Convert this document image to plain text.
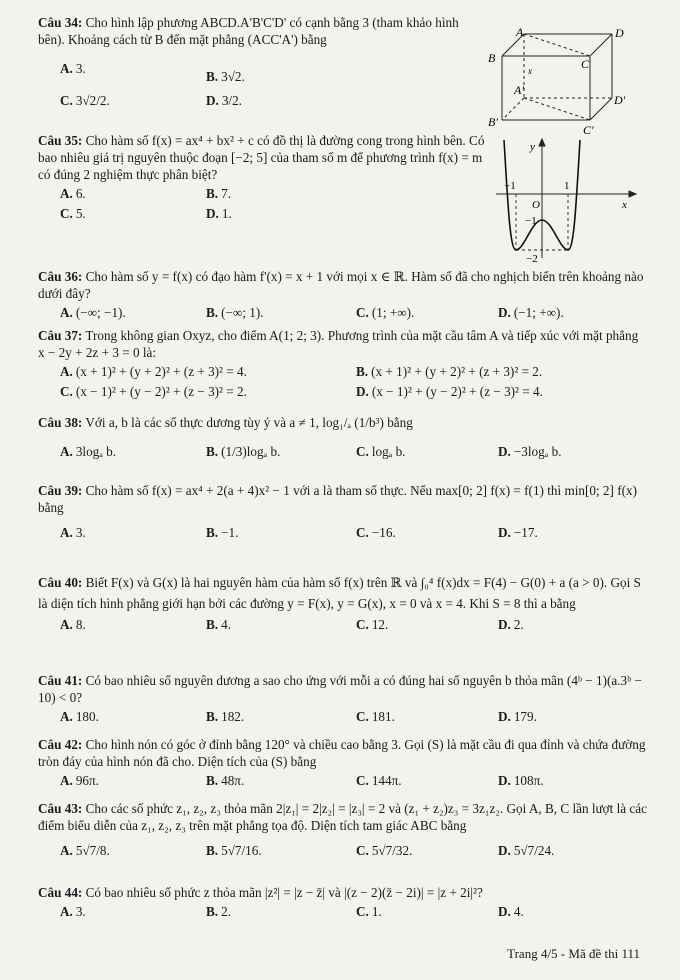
Câu 34: Cho hình lập phương ABCD.A'B'C'D' có cạnh bằng 3 (tham khảo hình bên). Khoảng cách từ B đến mặt phẳng (ACC'A') bằng
A. 3.
B. 3√2.
C. 3√2/2.	D. 3/2.
A	D
B	C
x
A'
D'
B'
C'
Câu 35: Cho hàm số f(x) = ax⁴ + bx² + c có đồ thị là đường cong trong hình bên. Có bao nhiêu giá trị nguyên thuộc đoạn [−2; 5] của tham số m để phương trình f(x) = m có đúng 2 nghiệm thực phân biệt?
A. 6.	B. 7.
C. 5.	D. 1.
y
x
O
−1	1
−1
−2
Câu 36: Cho hàm số y = f(x) có đạo hàm f'(x) = x + 1 với mọi x ∈ ℝ. Hàm số đã cho nghịch biến trên khoảng nào dưới đây?
A. (−∞; −1).	B. (−∞; 1).	C. (1; +∞).	D. (−1; +∞).
Câu 37: Trong không gian Oxyz, cho điểm A(1; 2; 3). Phương trình của mặt cầu tâm A và tiếp xúc với mặt phẳng x − 2y + 2z + 3 = 0 là:
A. (x + 1)² + (y + 2)² + (z + 3)² = 4.	B. (x + 1)² + (y + 2)² + (z + 3)² = 2.
C. (x − 1)² + (y − 2)² + (z − 3)² = 2.	D. (x − 1)² + (y − 2)² + (z − 3)² = 4.
Câu 38: Với a, b là các số thực dương tùy ý và a ≠ 1, log₁/ₐ (1/b³) bằng
A. 3logₐ b.	B. (1/3)logₐ b.	C. logₐ b.	D. −3logₐ b.
Câu 39: Cho hàm số f(x) = ax⁴ + 2(a + 4)x² − 1 với a là tham số thực. Nếu max[0; 2] f(x) = f(1) thì min[0; 2] f(x) bằng
A. 3.	B. −1.	C. −16.	D. −17.
Câu 40: Biết F(x) và G(x) là hai nguyên hàm của hàm số f(x) trên ℝ và ∫₀⁴ f(x)dx = F(4) − G(0) + a (a > 0). Gọi S là diện tích hình phẳng giới hạn bởi các đường y = F(x), y = G(x), x = 0 và x = 4. Khi S = 8 thì a bằng
A. 8.	B. 4.	C. 12.	D. 2.
Câu 41: Có bao nhiêu số nguyên dương a sao cho ứng với mỗi a có đúng hai số nguyên b thỏa mãn (4ᵇ − 1)(a.3ᵇ − 10) < 0?
A. 180.	B. 182.	C. 181.	D. 179.
Câu 42: Cho hình nón có góc ở đỉnh bằng 120° và chiều cao bằng 3. Gọi (S) là mặt cầu đi qua đỉnh và chứa đường tròn đáy của hình nón đã cho. Diện tích của (S) bằng
A. 96π.	B. 48π.	C. 144π.	D. 108π.
Câu 43: Cho các số phức z₁, z₂, z₃ thỏa mãn 2|z₁| = 2|z₂| = |z₃| = 2 và (z₁ + z₂)z₃ = 3z₁z₂. Gọi A, B, C lần lượt là các điểm biểu diễn của z₁, z₂, z₃ trên mặt phẳng tọa độ. Diện tích tam giác ABC bằng
A. 5√7/8.	B. 5√7/16.	C. 5√7/32.	D. 5√7/24.
Câu 44: Có bao nhiêu số phức z thỏa mãn |z²| = |z − z̄| và |(z − 2)(z̄ − 2i)| = |z + 2i|²?
A. 3.	B. 2.	C. 1.	D. 4.
Trang 4/5 - Mã đề thi 111
